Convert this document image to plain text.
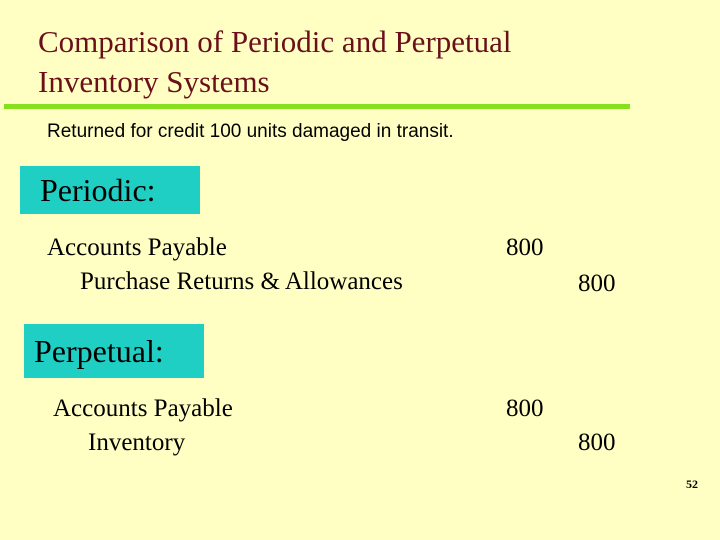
Comparison of Periodic and Perpetual
Inventory Systems
Returned for credit 100 units damaged in transit.
Periodic:
Accounts Payable
Purchase Returns & Allowances
800
800
Perpetual:
Accounts Payable
Inventory
800
800
52
